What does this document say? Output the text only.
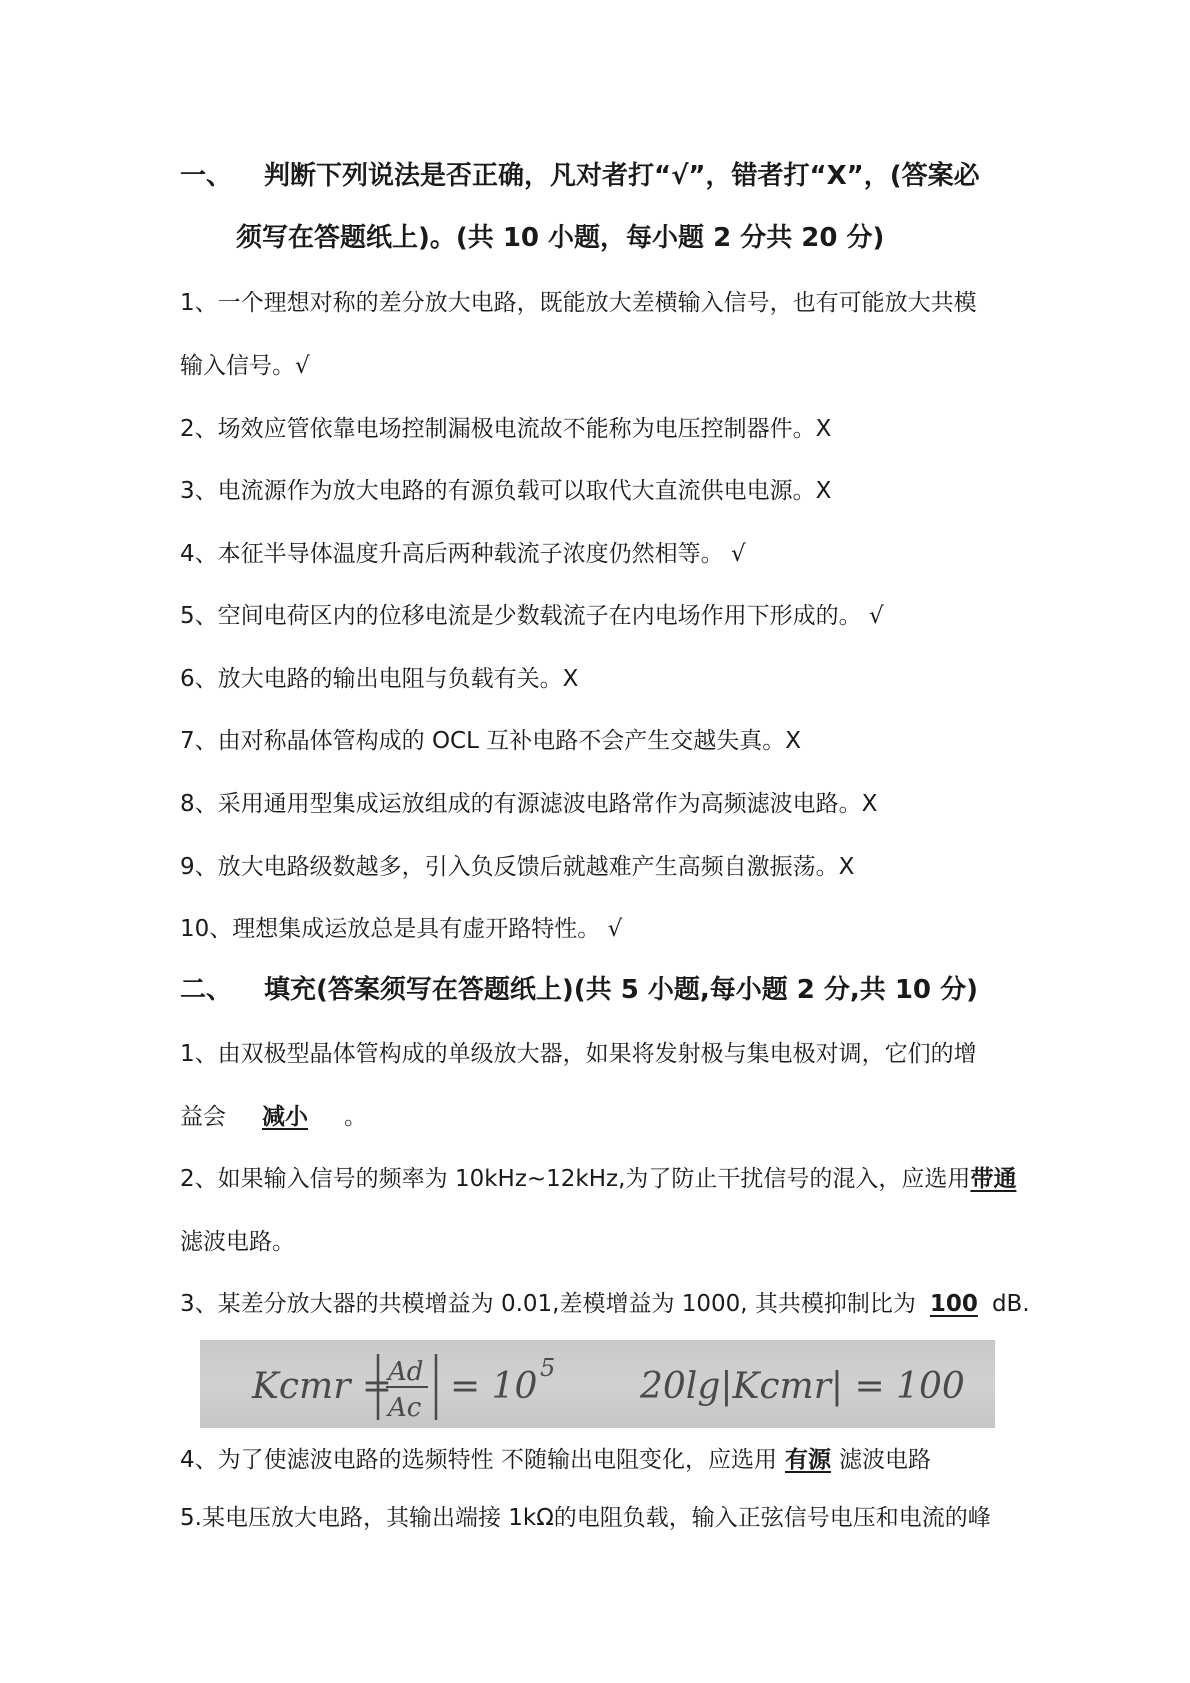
一、 判断下列说法是否正确，凡对者打“√”，错者打“X”，(答案必
须写在答题纸上)。(共 10 小题，每小题 2 分共 20 分)
1、一个理想对称的差分放大电路，既能放大差横输入信号，也有可能放大共模
输入信号。√
2、场效应管依靠电场控制漏极电流故不能称为电压控制器件。X
3、电流源作为放大电路的有源负载可以取代大直流供电电源。X
4、本征半导体温度升高后两种载流子浓度仍然相等。 √
5、空间电荷区内的位移电流是少数载流子在内电场作用下形成的。 √
6、放大电路的输出电阻与负载有关。X
7、由对称晶体管构成的 OCL 互补电路不会产生交越失真。X
8、采用通用型集成运放组成的有源滤波电路常作为高频滤波电路。X
9、放大电路级数越多，引入负反馈后就越难产生高频自激振荡。X
10、理想集成运放总是具有虚开路特性。 √
二、 填充(答案须写在答题纸上)(共 5 小题,每小题 2 分,共 10 分)
1、由双极型晶体管构成的单级放大器，如果将发射极与集电极对调，它们的增
益会 减小 。
2、如果输入信号的频率为 10kHz~12kHz,为了防止干扰信号的混入，应选用带通
滤波电路。
3、某差分放大器的共模增益为 0.01,差模增益为 1000, 其共模抑制比为 100 dB.
Kcmr =
Ad
Ac
= 10 5 20lg|Kcmr| = 100
4、为了使滤波电路的选频特性 不随输出电阻变化，应选用 有源 滤波电路
5.某电压放大电路，其输出端接 1kΩ的电阻负载，输入正弦信号电压和电流的峰
